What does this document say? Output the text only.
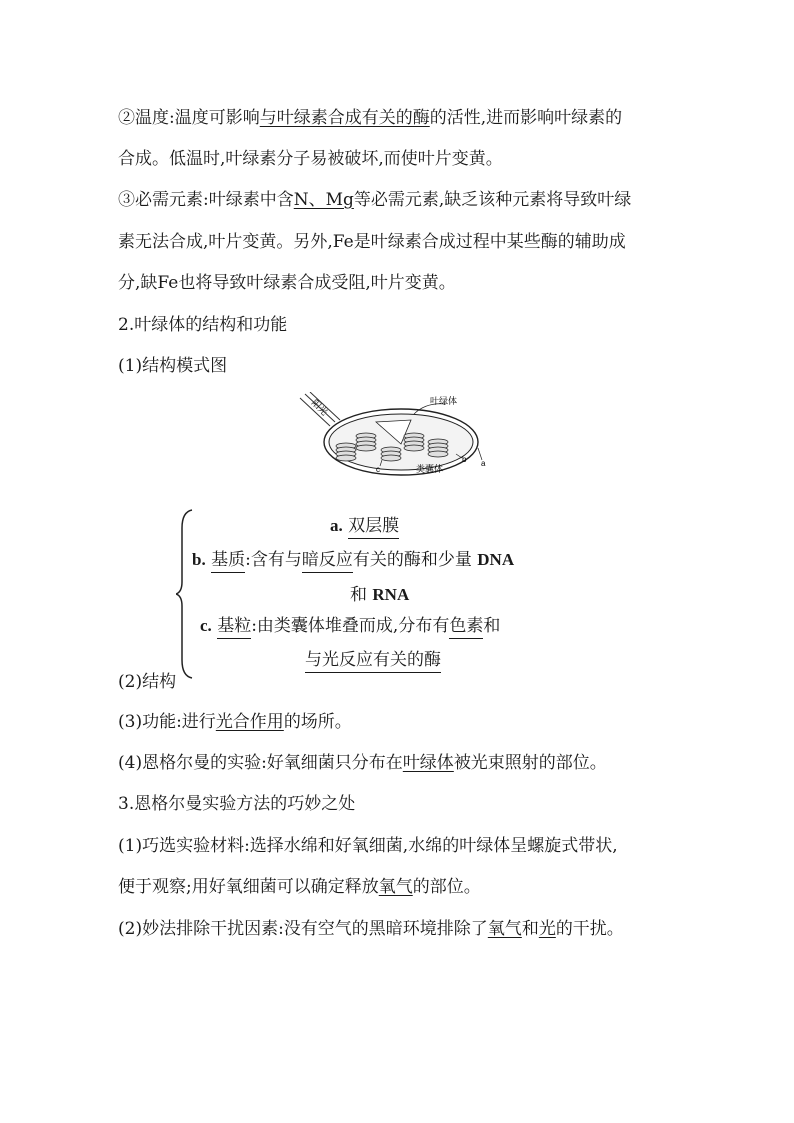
②温度:温度可影响与叶绿素合成有关的酶的活性,进而影响叶绿素的
合成。低温时,叶绿素分子易被破坏,而使叶片变黄。
③必需元素:叶绿素中含N、Mg等必需元素,缺乏该种元素将导致叶绿
素无法合成,叶片变黄。另外,Fe是叶绿素合成过程中某些酶的辅助成
分,缺Fe也将导致叶绿素合成受阻,叶片变黄。
2.叶绿体的结构和功能
(1)结构模式图
阳光	叶绿体
b a
c	类囊体
a. 双层膜
b. 基质:含有与暗反应有关的酶和少量 DNA
和 RNA
c. 基粒:由类囊体堆叠而成,分布有色素和
与光反应有关的酶
(2)结构
(3)功能:进行光合作用的场所。
(4)恩格尔曼的实验:好氧细菌只分布在叶绿体被光束照射的部位。
3.恩格尔曼实验方法的巧妙之处
(1)巧选实验材料:选择水绵和好氧细菌,水绵的叶绿体呈螺旋式带状,
便于观察;用好氧细菌可以确定释放氧气的部位。
(2)妙法排除干扰因素:没有空气的黑暗环境排除了氧气和光的干扰。
